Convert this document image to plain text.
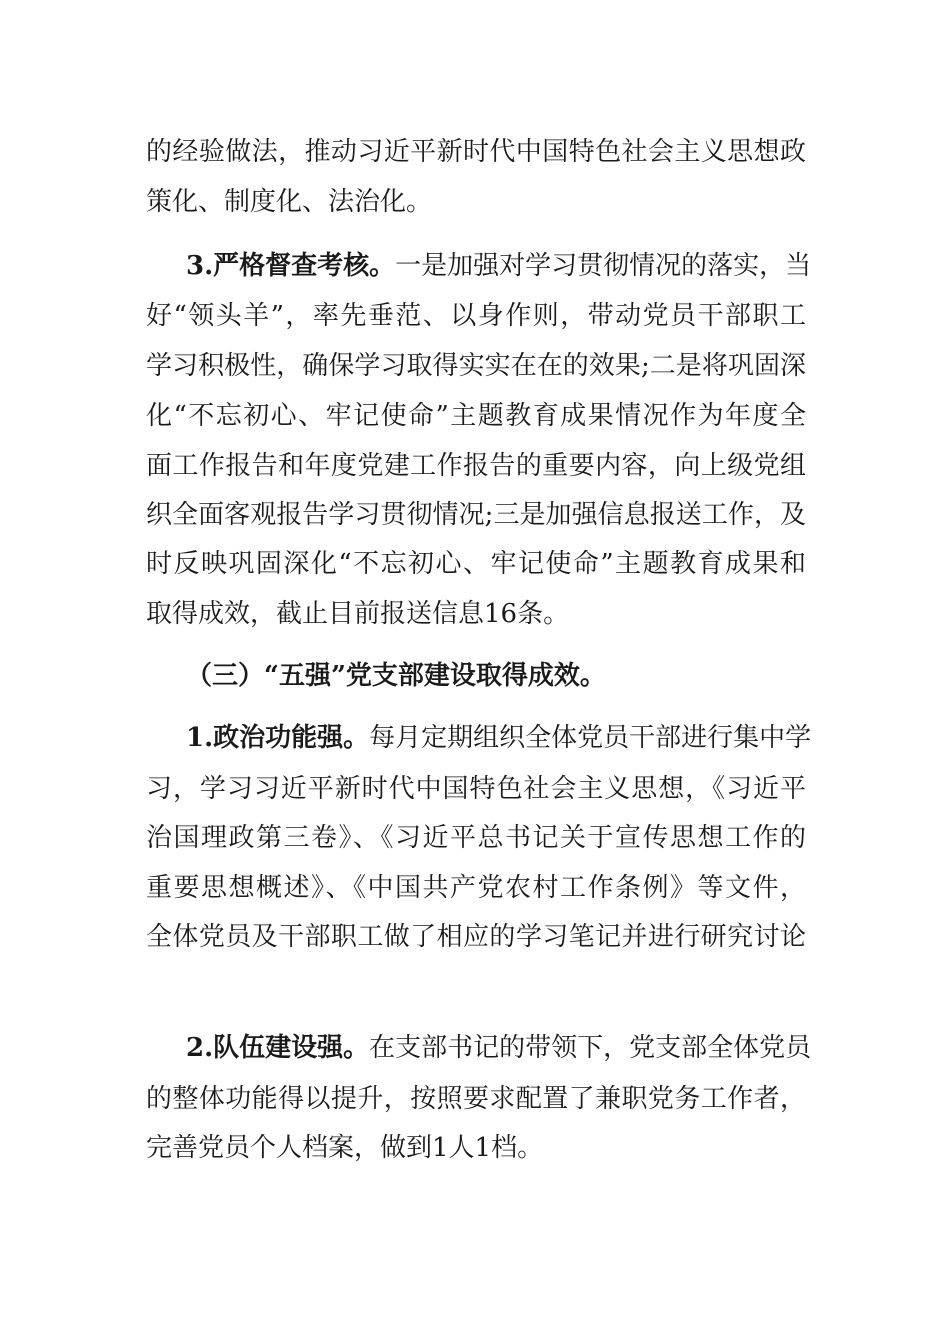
的经验做法，推动习近平新时代中国特色社会主义思想政
策化、制度化、法治化。
3.严格督查考核。一是加强对学习贯彻情况的落实，当
好“领头羊”，率先垂范、以身作则，带动党员干部职工
学习积极性，确保学习取得实实在在的效果;二是将巩固深
化“不忘初心、牢记使命”主题教育成果情况作为年度全
面工作报告和年度党建工作报告的重要内容，向上级党组
织全面客观报告学习贯彻情况;三是加强信息报送工作，及
时反映巩固深化“不忘初心、牢记使命”主题教育成果和
取得成效，截止目前报送信息16条。
（三）“五强”党支部建设取得成效。
1.政治功能强。每月定期组织全体党员干部进行集中学
习，学习习近平新时代中国特色社会主义思想，《习近平
治国理政第三卷》、《习近平总书记关于宣传思想工作的
重要思想概述》、《中国共产党农村工作条例》等文件，
全体党员及干部职工做了相应的学习笔记并进行研究讨论
2.队伍建设强。在支部书记的带领下，党支部全体党员
的整体功能得以提升，按照要求配置了兼职党务工作者，
完善党员个人档案，做到1人1档。
